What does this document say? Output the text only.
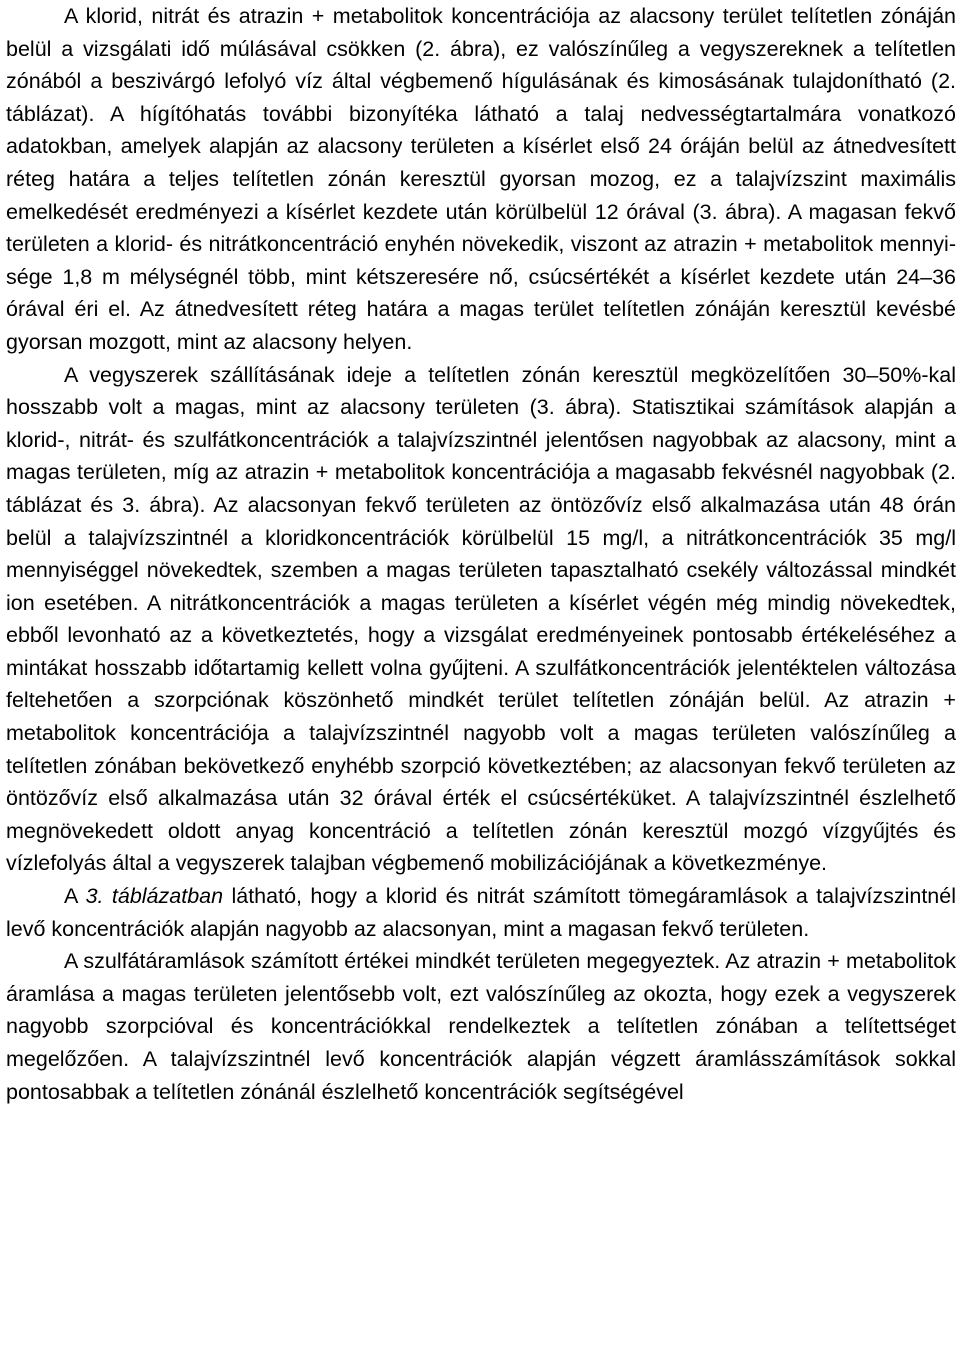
A klorid, nitrát és atrazin + metabolitok koncentrációja az alacsony terület telítetlen zónáján belül a vizsgálati idő múlásával csökken (2. ábra), ez valószínűleg a vegyszereknek a telítetlen zónából a beszivárgó lefolyó víz által végbemenő hígulásának és kimosásának tulajdonítható (2. táblázat). A hígítóhatás további bizonyítéka látható a talaj nedvességtartalmára vonatkozó adatokban, amelyek alapján az alacsony területen a kísérlet első 24 óráján belül az átnedvesített réteg határa a teljes telítetlen zónán keresztül gyorsan mozog, ez a talajvízszint maximális emelkedését eredményezi a kísérlet kezdete után körülbelül 12 órával (3. ábra). A magasan fekvő területen a klorid- és nitrátkoncentráció enyhén növekedik, viszont az atrazin + metabolitok mennyisége 1,8 m mélységnél több, mint kétszeresére nő, csúcsértékét a kísérlet kezdete után 24–36 órával éri el. Az átnedvesített réteg határa a magas terület telítetlen zónáján keresztül kevésbé gyorsan mozgott, mint az alacsony helyen.

A vegyszerek szállításának ideje a telítetlen zónán keresztül megközelítően 30–50%-kal hosszabb volt a magas, mint az alacsony területen (3. ábra). Statisztikai számítások alapján a klorid-, nitrát- és szulfátkoncentrációk a talajvízszintnél jelentősen nagyobbak az alacsony, mint a magas területen, míg az atrazin + metabolitok koncentrációja a magasabb fekvésnél nagyobbak (2. táblázat és 3. ábra). Az alacsonyan fekvő területen az öntözővíz első alkalmazása után 48 órán belül a talajvízszintnél a kloridkoncentrációk körülbelül 15 mg/l, a nitrátkoncentrációk 35 mg/l mennyiséggel növekedtek, szemben a magas területen tapasztalható csekély változással mindkét ion esetében. A nitrátkoncentrációk a magas területen a kísérlet végén még mindig növekedtek, ebből levonható az a következtetés, hogy a vizsgálat eredményeinek pontosabb értékeléséhez a mintákat hosszabb időtartamig kellett volna gyűjteni. A szulfátkoncentrációk jelentéktelen változása feltehetően a szorpciónak köszönhető mindkét terület telítetlen zónáján belül. Az atrazin + metabolitok koncentrációja a talajvízszintnél nagyobb volt a magas területen valószínűleg a telítetlen zónában bekövetkező enyhébb szorpció következtében; az alacsonyan fekvő területen az öntözővíz első alkalmazása után 32 órával érték el csúcsértéküket. A talajvízszintnél észlelhető megnövekedett oldott anyag koncentráció a telítetlen zónán keresztül mozgó vízgyűjtés és vízlefolyás által a vegyszerek talajban végbemenő mobilizációjának a következménye.

A 3. táblázatban látható, hogy a klorid és nitrát számított tömegáramlások a talajvízszintnél levő koncentrációk alapján nagyobb az alacsonyan, mint a magasan fekvő területen.

A szulfátáramlások számított értékei mindkét területen megegyeztek. Az atrazin + metabolitok áramlása a magas területen jelentősebb volt, ezt valószínűleg az okozta, hogy ezek a vegyszerek nagyobb szorpcióval és koncentrációkkal rendelkeztek a telítetlen zónában a telítettséget megelőzően. A talajvízszintnél levő koncentrációk alapján végzett áramlásszámítások sokkal pontosabbak a telítetlen zónánál észlelhető koncentrációk segítségével
